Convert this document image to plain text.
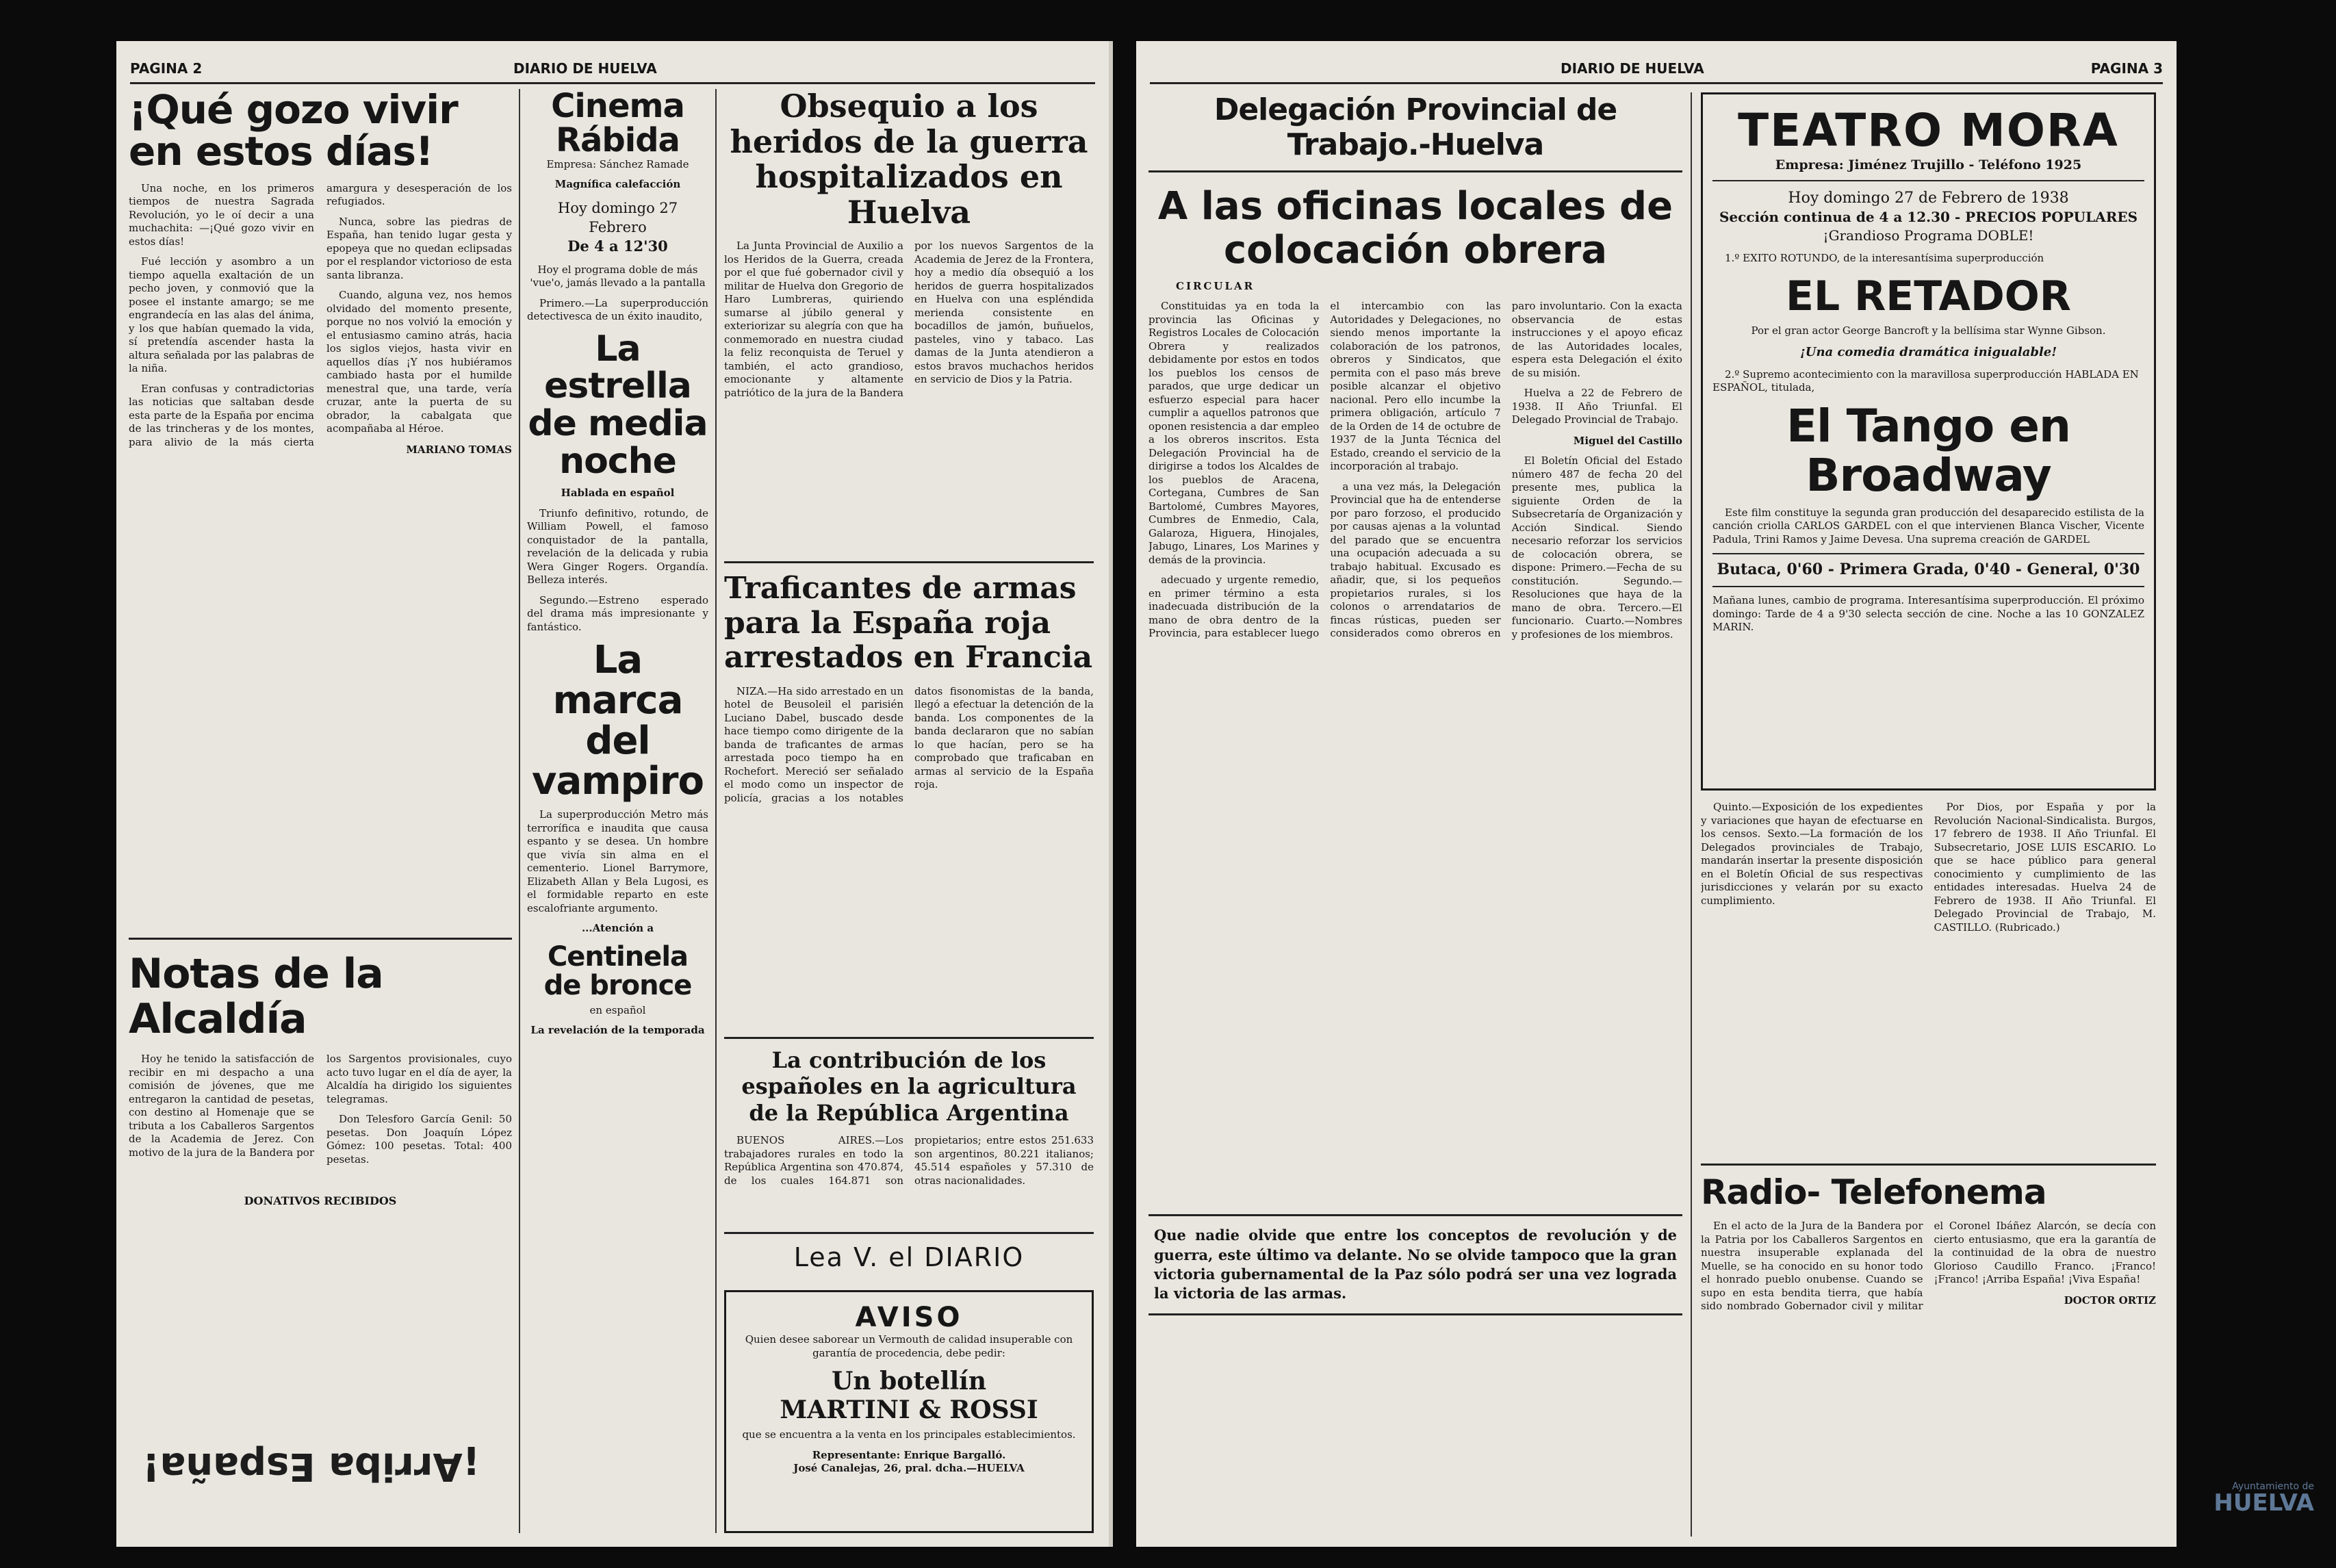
PAGINA 2	DIARIO DE HUELVA
¡Qué gozo vivir en estos días!

Una noche, en los primeros tiempos de nuestra Sagrada Revolución, yo le oí decir a una muchachita: —¡Qué gozo vivir en estos días!

Fué lección y asombro a un tiempo aquella exaltación de un pecho joven, y conmovió que la posee el instante amargo; se me engrandecía en las alas del ánima, y los que habían quemado la vida, sí pretendía ascender hasta la altura señalada por las palabras de la niña.

Eran confusas y contradictorias las noticias que saltaban desde esta parte de la España por encima de las trincheras y de los montes, para alivio de la más cierta amargura y desesperación de los refugiados.

Nunca, sobre las piedras de España, han tenido lugar gesta y epopeya que no quedan eclipsadas por el resplandor victorioso de esta santa libranza.

Cuando, alguna vez, nos hemos olvidado del momento presente, porque no nos volvió la emoción y el entusiasmo camino atrás, hacia los siglos viejos, hasta vivir en aquellos días ¡Y nos hubiéramos cambiado hasta por el humilde menestral que, una tarde, vería cruzar, ante la puerta de su obrador, la cabalgata que acompañaba al Héroe.

MARIANO TOMAS

Notas de la Alcaldía

Hoy he tenido la satisfacción de recibir en mi despacho a una comisión de jóvenes, que me entregaron la cantidad de pesetas, con destino al Homenaje que se tributa a los Caballeros Sargentos de la Academia de Jerez. Con motivo de la jura de la Bandera por los Sargentos provisionales, cuyo acto tuvo lugar en el día de ayer, la Alcaldía ha dirigido los siguientes telegramas.

Don Telesforo García Genil: 50 pesetas. Don Joaquín López Gómez: 100 pesetas. Total: 400 pesetas.

DONATIVOS RECIBIDOS

¡Arriba España!
Cinema Rábida

Empresa: Sánchez Ramade

Magnífica calefacción

Hoy domingo 27 Febrero

De 4 a 12'30

Hoy el programa doble de más 'vue'o, jamás llevado a la pantalla

Primero.—La superproducción detectivesca de un éxito inaudito,

La estrella de media noche

Hablada en español

Triunfo definitivo, rotundo, de William Powell, el famoso conquistador de la pantalla, revelación de la delicada y rubia Wera Ginger Rogers. Organdía. Belleza interés.

Segundo.—Estreno esperado del drama más impresionante y fantástico.

La marca del vampiro

La superproducción Metro más terrorífica e inaudita que causa espanto y se desea. Un hombre que vivía sin alma en el cementerio. Lionel Barrymore, Elizabeth Allan y Bela Lugosi, es el formidable reparto en este escalofriante argumento.

...Atención a

Centinela de bronce

en español

La revelación de la temporada

Obsequio a los heridos de la guerra hospitalizados en Huelva

La Junta Provincial de Auxilio a los Heridos de la Guerra, creada por el que fué gobernador civil y militar de Huelva don Gregorio de Haro Lumbreras, quiriendo sumarse al júbilo general y exteriorizar su alegría con que ha conmemorado en nuestra ciudad la feliz reconquista de Teruel y también, el acto grandioso, emocionante y altamente patriótico de la jura de la Bandera por los nuevos Sargentos de la Academia de Jerez de la Frontera, hoy a medio día obsequió a los heridos de guerra hospitalizados en Huelva con una espléndida merienda consistente en bocadillos de jamón, buñuelos, pasteles, vino y tabaco. Las damas de la Junta atendieron a estos bravos muchachos heridos en servicio de Dios y la Patria.

Traficantes de armas para la España roja arrestados en Francia

NIZA.—Ha sido arrestado en un hotel de Beusoleil el parisién Luciano Dabel, buscado desde hace tiempo como dirigente de la banda de traficantes de armas arrestada poco tiempo ha en Rochefort. Mereció ser señalado el modo como un inspector de policía, gracias a los notables datos fisonomistas de la banda, llegó a efectuar la detención de la banda. Los componentes de la banda declararon que no sabían lo que hacían, pero se ha comprobado que traficaban en armas al servicio de la España roja.

La contribución de los españoles en la agricultura de la República Argentina

BUENOS AIRES.—Los trabajadores rurales en todo la República Argentina son 470.874, de los cuales 164.871 son propietarios; entre estos 251.633 son argentinos, 80.221 italianos; 45.514 españoles y 57.310 de otras nacionalidades.

Lea V. el DIARIO
AVISO

Quien desee saborear un Vermouth de calidad insuperable con garantía de procedencia, debe pedir:

Un botellín
MARTINI & ROSSI

que se encuentra a la venta en los principales establecimientos.

Representante: Enrique Bargalló.

José Canalejas, 26, pral. dcha.—HUELVA

DIARIO DE HUELVA	PAGINA 3
Delegación Provincial de Trabajo.-Huelva
A las oficinas locales de colocación obrera

CIRCULAR

Constituidas ya en toda la provincia las Oficinas y Registros Locales de Colocación Obrera y realizados debidamente por estos en todos los pueblos los censos de parados, que urge dedicar un esfuerzo especial para hacer cumplir a aquellos patronos que oponen resistencia a dar empleo a los obreros inscritos. Esta Delegación Provincial ha de dirigirse a todos los Alcaldes de los pueblos de Aracena, Cortegana, Cumbres de San Bartolomé, Cumbres Mayores, Cumbres de Enmedio, Cala, Galaroza, Higuera, Hinojales, Jabugo, Linares, Los Marines y demás de la provincia.

adecuado y urgente remedio, en primer término a esta inadecuada distribución de la mano de obra dentro de la Provincia, para establecer luego el intercambio con las Autoridades y Delegaciones, no siendo menos importante la colaboración de los patronos, obreros y Sindicatos, que permita con el paso más breve posible alcanzar el objetivo nacional. Pero ello incumbe la primera obligación, artículo 7 de la Orden de 14 de octubre de 1937 de la Junta Técnica del Estado, creando el servicio de la incorporación al trabajo.

a una vez más, la Delegación Provincial que ha de entenderse por paro forzoso, el producido por causas ajenas a la voluntad del parado que se encuentra una ocupación adecuada a su trabajo habitual. Excusado es añadir, que, si los pequeños propietarios rurales, si los colonos o arrendatarios de fincas rústicas, pueden ser considerados como obreros en paro involuntario. Con la exacta observancia de estas instrucciones y el apoyo eficaz de las Autoridades locales, espera esta Delegación el éxito de su misión.

Huelva a 22 de Febrero de 1938. II Año Triunfal. El Delegado Provincial de Trabajo.

Miguel del Castillo

El Boletín Oficial del Estado número 487 de fecha 20 del presente mes, publica la siguiente Orden de la Subsecretaría de Organización y Acción Sindical. Siendo necesario reforzar los servicios de colocación obrera, se dispone: Primero.—Fecha de su constitución. Segundo.—Resoluciones que haya de la mano de obra. Tercero.—El funcionario. Cuarto.—Nombres y profesiones de los miembros.

Que nadie olvide que entre los conceptos de revolución y de guerra, este último va delante. No se olvide tampoco que la gran victoria gubernamental de la Paz sólo podrá ser una vez lograda la victoria de las armas.

TEATRO MORA

Empresa: Jiménez Trujillo - Teléfono 1925

Hoy domingo 27 de Febrero de 1938

Sección continua de 4 a 12.30 - PRECIOS POPULARES

¡Grandioso Programa DOBLE!

1.º EXITO ROTUNDO, de la interesantísima superproducción

EL RETADOR

Por el gran actor George Bancroft y la bellísima star Wynne Gibson.

¡Una comedia dramática inigualable!

2.º Supremo acontecimiento con la maravillosa superproducción HABLADA EN ESPAÑOL, titulada,

El Tango en Broadway

Este film constituye la segunda gran producción del desaparecido estilista de la canción criolla CARLOS GARDEL con el que intervienen Blanca Vischer, Vicente Padula, Trini Ramos y Jaime Devesa. Una suprema creación de GARDEL

Butaca, 0'60 - Primera Grada, 0'40 - General, 0'30

Mañana lunes, cambio de programa. Interesantísima superproducción. El próximo domingo: Tarde de 4 a 9'30 selecta sección de cine. Noche a las 10 GONZALEZ MARIN.

Quinto.—Exposición de los expedientes y variaciones que hayan de efectuarse en los censos. Sexto.—La formación de los Delegados provinciales de Trabajo, mandarán insertar la presente disposición en el Boletín Oficial de sus respectivas jurisdicciones y velarán por su exacto cumplimiento.

Por Dios, por España y por la Revolución Nacional-Sindicalista. Burgos, 17 febrero de 1938. II Año Triunfal. El Subsecretario, JOSE LUIS ESCARIO. Lo que se hace público para general conocimiento y cumplimiento de las entidades interesadas. Huelva 24 de Febrero de 1938. II Año Triunfal. El Delegado Provincial de Trabajo, M. CASTILLO. (Rubricado.)

Radio- Telefonema

En el acto de la Jura de la Bandera por la Patria por los Caballeros Sargentos en nuestra insuperable explanada del Muelle, se ha conocido en su honor todo el honrado pueblo onubense. Cuando se supo en esta bendita tierra, que había sido nombrado Gobernador civil y militar el Coronel Ibáñez Alarcón, se decía con cierto entusiasmo, que era la garantía de la continuidad de la obra de nuestro Glorioso Caudillo Franco. ¡Franco! ¡Franco! ¡Arriba España! ¡Viva España!

DOCTOR ORTIZ

Ayuntamiento de
HUELVA
